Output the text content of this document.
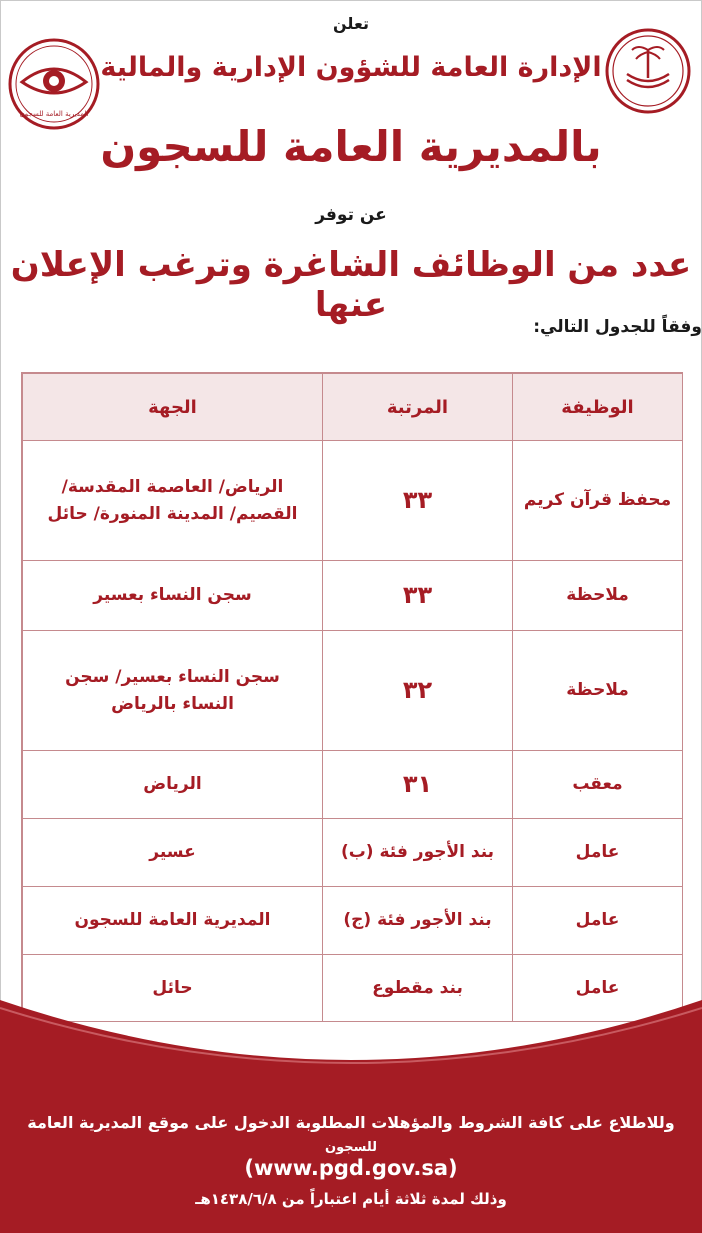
تعلن
الإدارة العامة للشؤون الإدارية والمالية
بالمديرية العامة للسجون
عن توفر
عدد من الوظائف الشاغرة وترغب الإعلان عنها
وفقاً للجدول التالي:
المديرية العامة للسجون
الوظيفة	المرتبة	الجهة
محفظ قرآن كريم	٣٣	الرياض/ العاصمة المقدسة/
القصيم/ المدينة المنورة/ حائل
ملاحظة	٣٣	سجن النساء بعسير
ملاحظة	٣٢	سجن النساء بعسير/ سجن
النساء بالرياض
معقب	٣١	الرياض
عامل	بند الأجور فئة (ب)	عسير
عامل	بند الأجور فئة (ج)	المديرية العامة للسجون
عامل	بند مقطوع	حائل
وللاطلاع على كافة الشروط والمؤهلات المطلوبة الدخول على موقع المديرية العامة
للسجون
(www.pgd.gov.sa)
وذلك لمدة ثلاثة أيام اعتباراً من ١٤٣٨/٦/٨هـ
